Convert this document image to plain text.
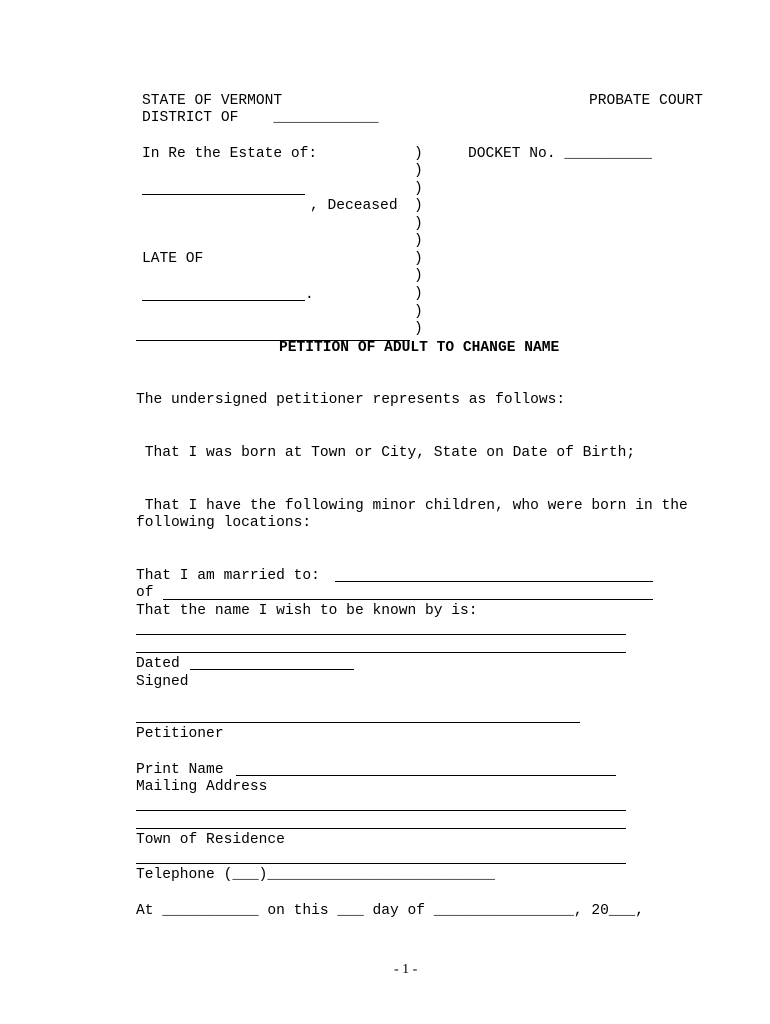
STATE OF VERMONT	PROBATE COURT
DISTRICT OF    ____________
In Re the Estate of:	DOCKET No. __________
, Deceased
LATE OF
.
)
)
)
)
)
)
)
)
)
)
)
PETITION OF ADULT TO CHANGE NAME
The undersigned petitioner represents as follows:
That I was born at Town or City, State on Date of Birth;
That I have the following minor children, who were born in the
following locations:
That I am married to:
of
That the name I wish to be known by is:
Dated
Signed
Petitioner
Print Name
Mailing Address
Town of Residence
Telephone (___)__________________________
At ___________ on this ___ day of ________________, 20___,
- 1 -
